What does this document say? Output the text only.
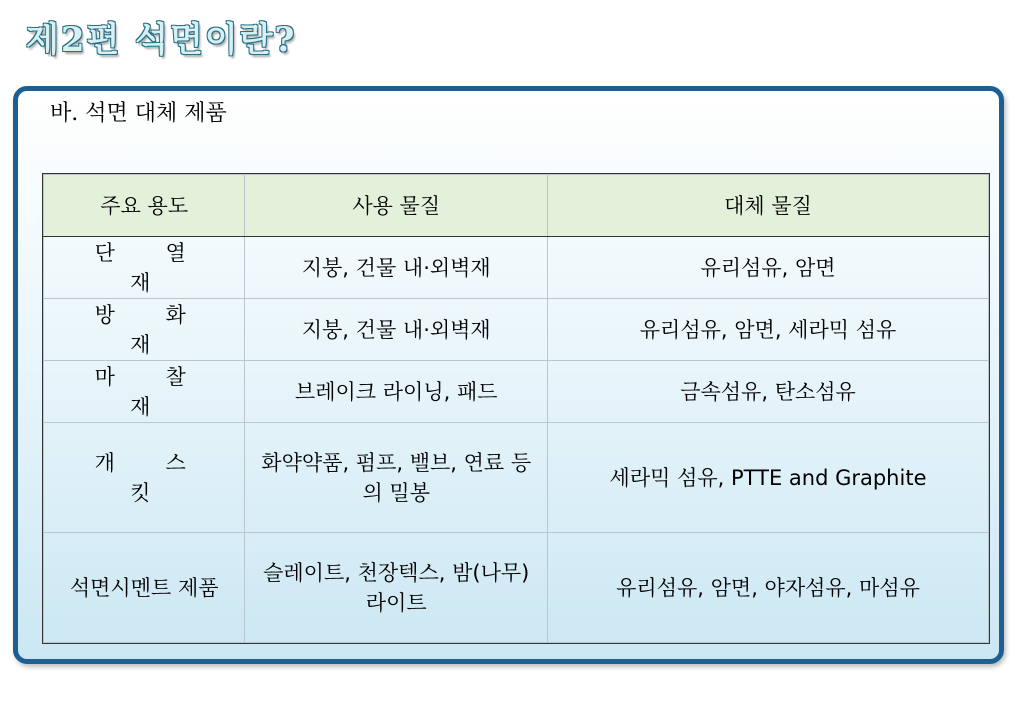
제2편 석면이란?
바. 석면 대체 제품
주요 용도	사용 물질	대체 물질
단 열 재	지붕, 건물 내·외벽재	유리섬유, 암면
방 화 재	지붕, 건물 내·외벽재	유리섬유, 암면, 세라믹 섬유
마 찰 재	브레이크 라이닝, 패드	금속섬유, 탄소섬유
개 스 킷	화약약품, 펌프, 밸브, 연료 등의 밀봉	세라믹 섬유, PTTE and Graphite
석면시멘트 제품	슬레이트, 천장텍스, 밤(나무)라이트	유리섬유, 암면, 야자섬유, 마섬유
